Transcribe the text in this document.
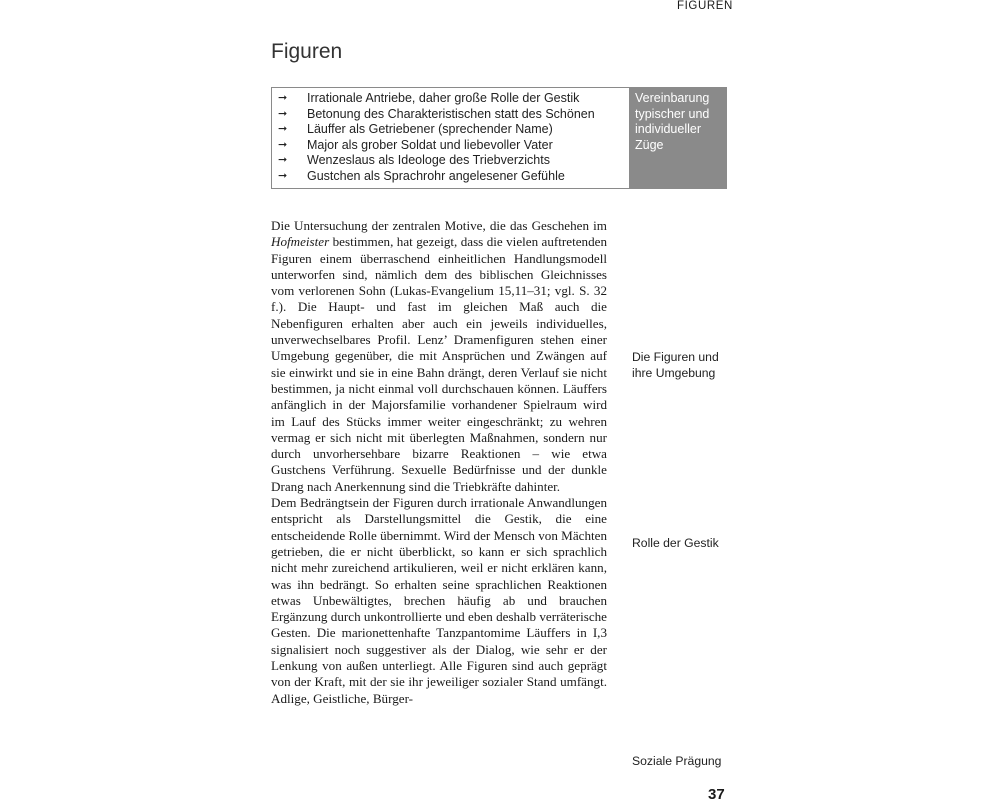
FIGUREN
Figuren
➞	Irrationale Antriebe, daher große Rolle der Gestik
➞	Betonung des Charakteristischen statt des Schönen
➞	Läuffer als Getriebener (sprechender Name)
➞	Major als grober Soldat und liebevoller Vater
➞	Wenzeslaus als Ideologe des Triebverzichts
➞	Gustchen als Sprachrohr angelesener Gefühle
Vereinbarung typischer und individueller Züge

Die Untersuchung der zentralen Motive, die das Geschehen im Hofmeister bestimmen, hat gezeigt, dass die vielen auftretenden Figuren einem überraschend einheitlichen Handlungsmodell unterworfen sind, nämlich dem des biblischen Gleichnisses vom verlorenen Sohn (Lukas-Evangelium 15,11–31; vgl. S. 32 f.). Die Haupt- und fast im gleichen Maß auch die Nebenfiguren erhalten aber auch ein jeweils individuelles, unverwechselbares Profil. Lenz’ Dramenfiguren stehen einer Umgebung gegenüber, die mit Ansprüchen und Zwängen auf sie einwirkt und sie in eine Bahn drängt, deren Verlauf sie nicht bestimmen, ja nicht einmal voll durchschauen können. Läuffers anfänglich in der Majorsfamilie vorhandener Spielraum wird im Lauf des Stücks immer weiter eingeschränkt; zu wehren vermag er sich nicht mit überlegten Maßnahmen, sondern nur durch unvorhersehbare bizarre Reaktionen – wie etwa Gustchens Verführung. Sexuelle Bedürfnisse und der dunkle Drang nach Anerkennung sind die Triebkräfte dahinter.

Dem Bedrängtsein der Figuren durch irrationale Anwandlungen entspricht als Darstellungsmittel die Gestik, die eine entscheidende Rolle übernimmt. Wird der Mensch von Mächten getrieben, die er nicht überblickt, so kann er sich sprachlich nicht mehr zureichend artikulieren, weil er nicht erklären kann, was ihn bedrängt. So erhalten seine sprachlichen Reaktionen etwas Unbewältigtes, brechen häufig ab und brauchen Ergänzung durch unkontrollierte und eben deshalb verräterische Gesten. Die marionettenhafte Tanzpantomime Läuffers in I,3 signalisiert noch suggestiver als der Dialog, wie sehr er der Lenkung von außen unterliegt. Alle Figuren sind auch geprägt von der Kraft, mit der sie ihr jeweiliger sozialer Stand umfängt. Adlige, Geistliche, Bürger-

Die Figuren und ihre Umgebung
Rolle der Gestik
Soziale Prägung
37
